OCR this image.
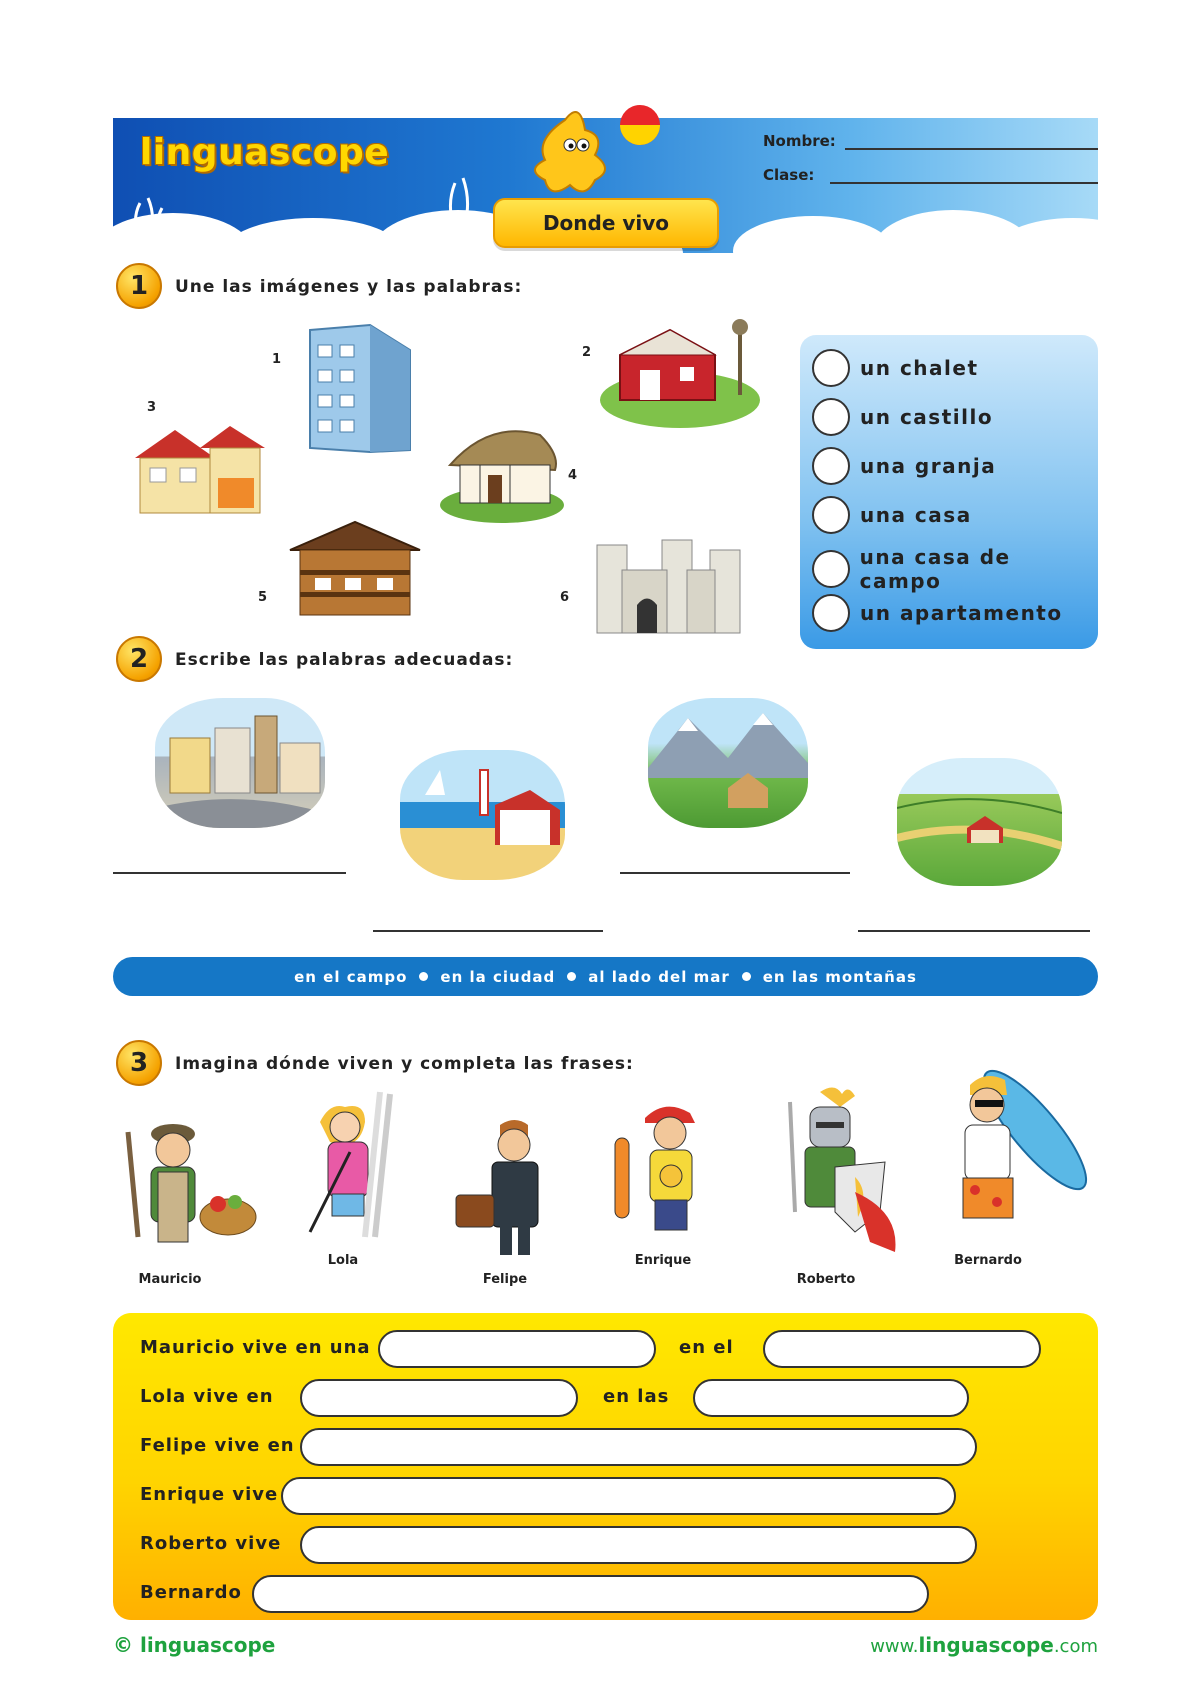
linguascope	Nombre:
Clase:
Donde vivo
1	Une las imágenes y las palabras:
1	2
3
4
5	6
un chalet
un castillo
una granja
una casa
una casa de campo
un apartamento
2	Escribe las palabras adecuadas:
en el campo en la ciudad al lado del mar en las montañas
3	Imagina dónde viven y completa las frases:
Mauricio
Lola
Felipe
Enrique
Roberto
Bernardo
Mauricio vive en una	en el
Lola vive en	en las
Felipe vive en
Enrique vive
Roberto vive
Bernardo
© linguascope	www.linguascope.com
